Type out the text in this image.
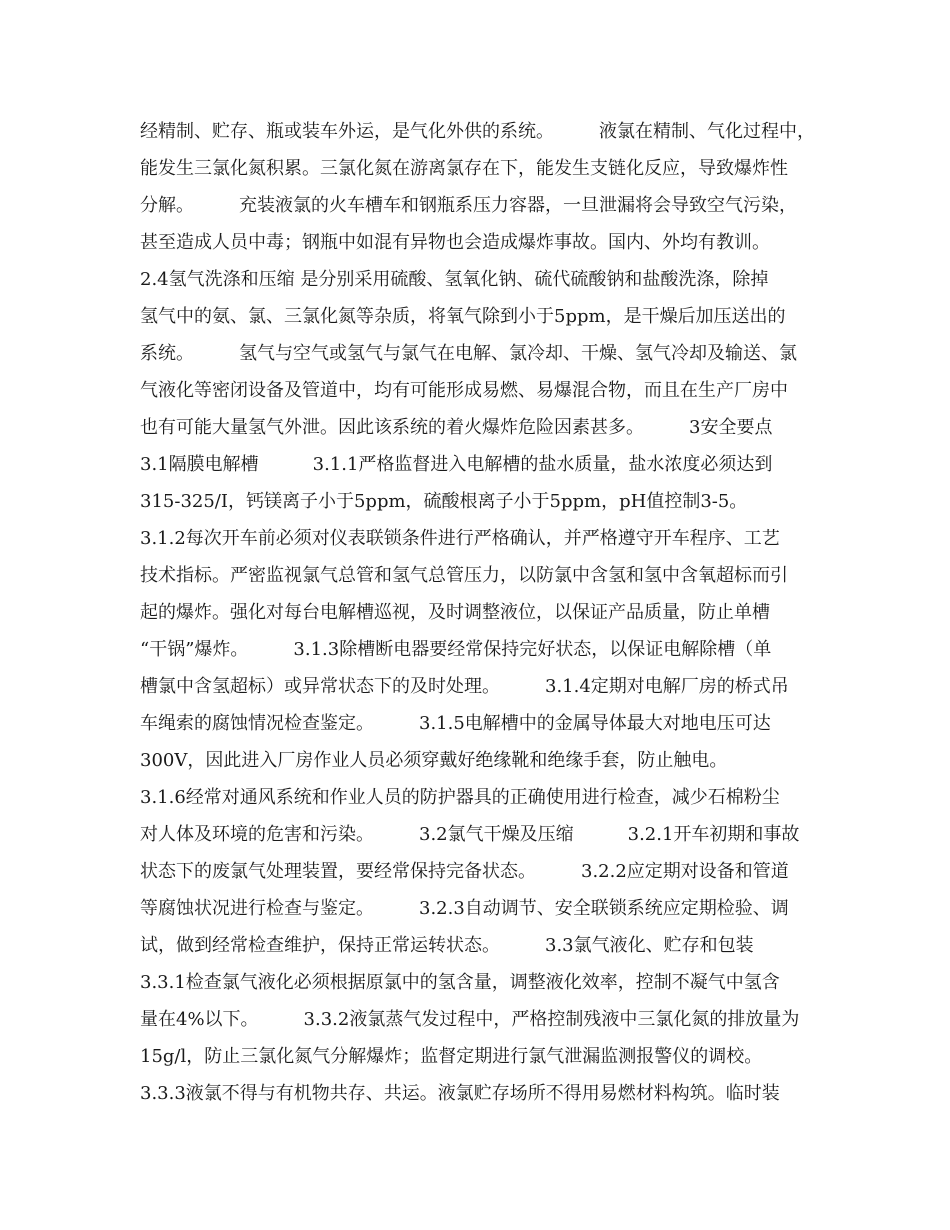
经精制、贮存、瓶或装车外运，是气化外供的系统。　　　液氯在精制、气化过程中，
能发生三氯化氮积累。三氯化氮在游离氯存在下，能发生支链化反应，导致爆炸性
分解。　　　充装液氯的火车槽车和钢瓶系压力容器，一旦泄漏将会导致空气污染，
甚至造成人员中毒；钢瓶中如混有异物也会造成爆炸事故。国内、外均有教训。
2.4氢气洗涤和压缩 是分别采用硫酸、氢氧化钠、硫代硫酸钠和盐酸洗涤，除掉
氢气中的氨、氯、三氯化氮等杂质，将氧气除到小于5ppm，是干燥后加压送出的
系统。　　　氢气与空气或氢气与氯气在电解、氯冷却、干燥、氢气冷却及输送、氯
气液化等密闭设备及管道中，均有可能形成易燃、易爆混合物，而且在生产厂房中
也有可能大量氢气外泄。因此该系统的着火爆炸危险因素甚多。　　　3安全要点
3.1隔膜电解槽　　　3.1.1严格监督进入电解槽的盐水质量，盐水浓度必须达到
315-325/I，钙镁离子小于5ppm，硫酸根离子小于5ppm，pH值控制3-5。
3.1.2每次开车前必须对仪表联锁条件进行严格确认，并严格遵守开车程序、工艺
技术指标。严密监视氯气总管和氢气总管压力，以防氯中含氢和氢中含氧超标而引
起的爆炸。强化对每台电解槽巡视，及时调整液位，以保证产品质量，防止单槽
“干锅”爆炸。　　　3.1.3除槽断电器要经常保持完好状态，以保证电解除槽（单
槽氯中含氢超标）或异常状态下的及时处理。　　　3.1.4定期对电解厂房的桥式吊
车绳索的腐蚀情况检查鉴定。　　　3.1.5电解槽中的金属导体最大对地电压可达
300V，因此进入厂房作业人员必须穿戴好绝缘靴和绝缘手套，防止触电。
3.1.6经常对通风系统和作业人员的防护器具的正确使用进行检查，减少石棉粉尘
对人体及环境的危害和污染。　　　3.2氯气干燥及压缩　　　3.2.1开车初期和事故
状态下的废氯气处理装置，要经常保持完备状态。　　　3.2.2应定期对设备和管道
等腐蚀状况进行检查与鉴定。　　　3.2.3自动调节、安全联锁系统应定期检验、调
试，做到经常检查维护，保持正常运转状态。　　　3.3氯气液化、贮存和包装
3.3.1检查氯气液化必须根据原氯中的氢含量，调整液化效率，控制不凝气中氢含
量在4%以下。　　　3.3.2液氯蒸气发过程中，严格控制残液中三氯化氮的排放量为
15g/l，防止三氯化氮气分解爆炸；监督定期进行氯气泄漏监测报警仪的调校。
3.3.3液氯不得与有机物共存、共运。液氯贮存场所不得用易燃材料构筑。临时装
